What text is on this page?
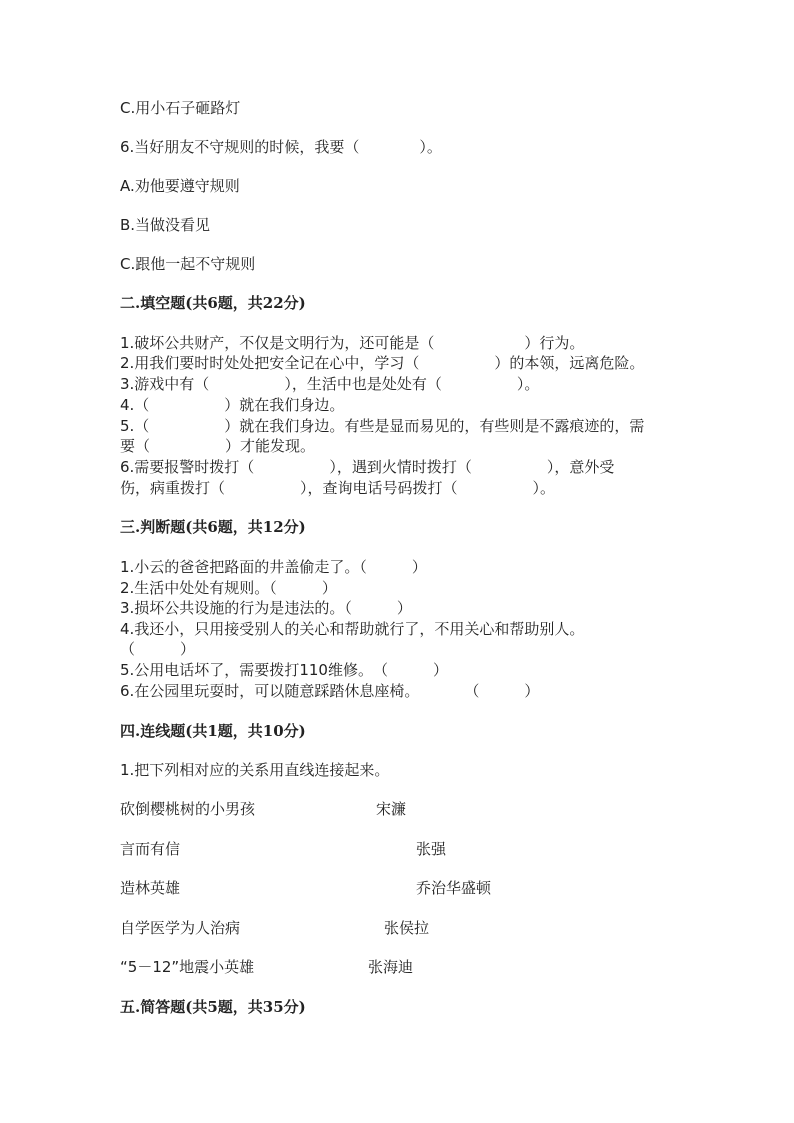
C.用小石子砸路灯
6.当好朋友不守规则的时候，我要（　　　　）。
A.劝他要遵守规则
B.当做没看见
C.跟他一起不守规则
二.填空题(共6题，共22分)
1.破坏公共财产，不仅是文明行为，还可能是（　　　　　　）行为。
2.用我们要时时处处把安全记在心中，学习（　　　　　）的本领，远离危险。
3.游戏中有（　　　　　），生活中也是处处有（　　　　　）。
4.（　　　　　）就在我们身边。
5.（　　　　　）就在我们身边。有些是显而易见的，有些则是不露痕迹的，需
要（　　　　　）才能发现。
6.需要报警时拨打（　　　　　），遇到火情时拨打（　　　　　），意外受
伤，病重拨打（　　　　　），查询电话号码拨打（　　　　　）。
三.判断题(共6题，共12分)
1.小云的爸爸把路面的井盖偷走了。（　　　）
2.生活中处处有规则。（　　　）
3.损坏公共设施的行为是违法的。（　　　）
4.我还小，只用接受别人的关心和帮助就行了，不用关心和帮助别人。
（　　　）
5.公用电话坏了，需要拨打110维修。　（　　　）
6.在公园里玩耍时，可以随意踩踏休息座椅。　　　　（　　　）
四.连线题(共1题，共10分)
1.把下列相对应的关系用直线连接起来。
砍倒樱桃树的小男孩	宋濂
言而有信	张强
造林英雄	乔治华盛顿
自学医学为人治病	张侯拉
“5－12”地震小英雄	张海迪
五.简答题(共5题，共35分)
